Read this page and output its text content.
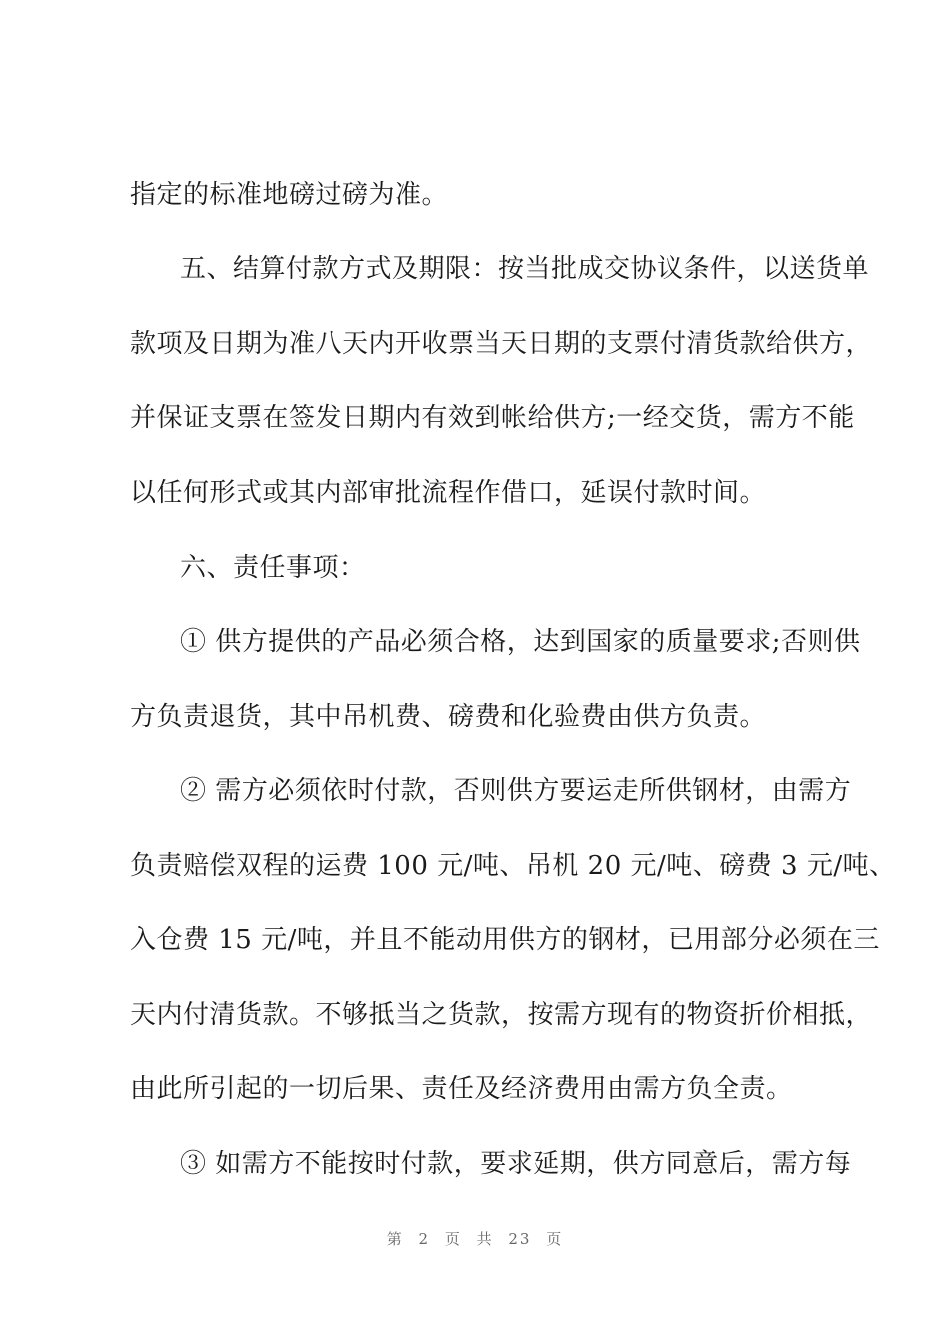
指定的标准地磅过磅为准。
五、结算付款方式及期限：按当批成交协议条件，以送货单
款项及日期为准八天内开收票当天日期的支票付清货款给供方，
并保证支票在签发日期内有效到帐给供方;一经交货，需方不能
以任何形式或其内部审批流程作借口，延误付款时间。
六、责任事项：
① 供方提供的产品必须合格，达到国家的质量要求;否则供
方负责退货，其中吊机费、磅费和化验费由供方负责。
② 需方必须依时付款，否则供方要运走所供钢材，由需方
负责赔偿双程的运费 100 元/吨、吊机 20 元/吨、磅费 3 元/吨、
入仓费 15 元/吨，并且不能动用供方的钢材，已用部分必须在三
天内付清货款。不够抵当之货款，按需方现有的物资折价相抵，
由此所引起的一切后果、责任及经济费用由需方负全责。
③ 如需方不能按时付款，要求延期，供方同意后，需方每
第 2 页 共 23 页
